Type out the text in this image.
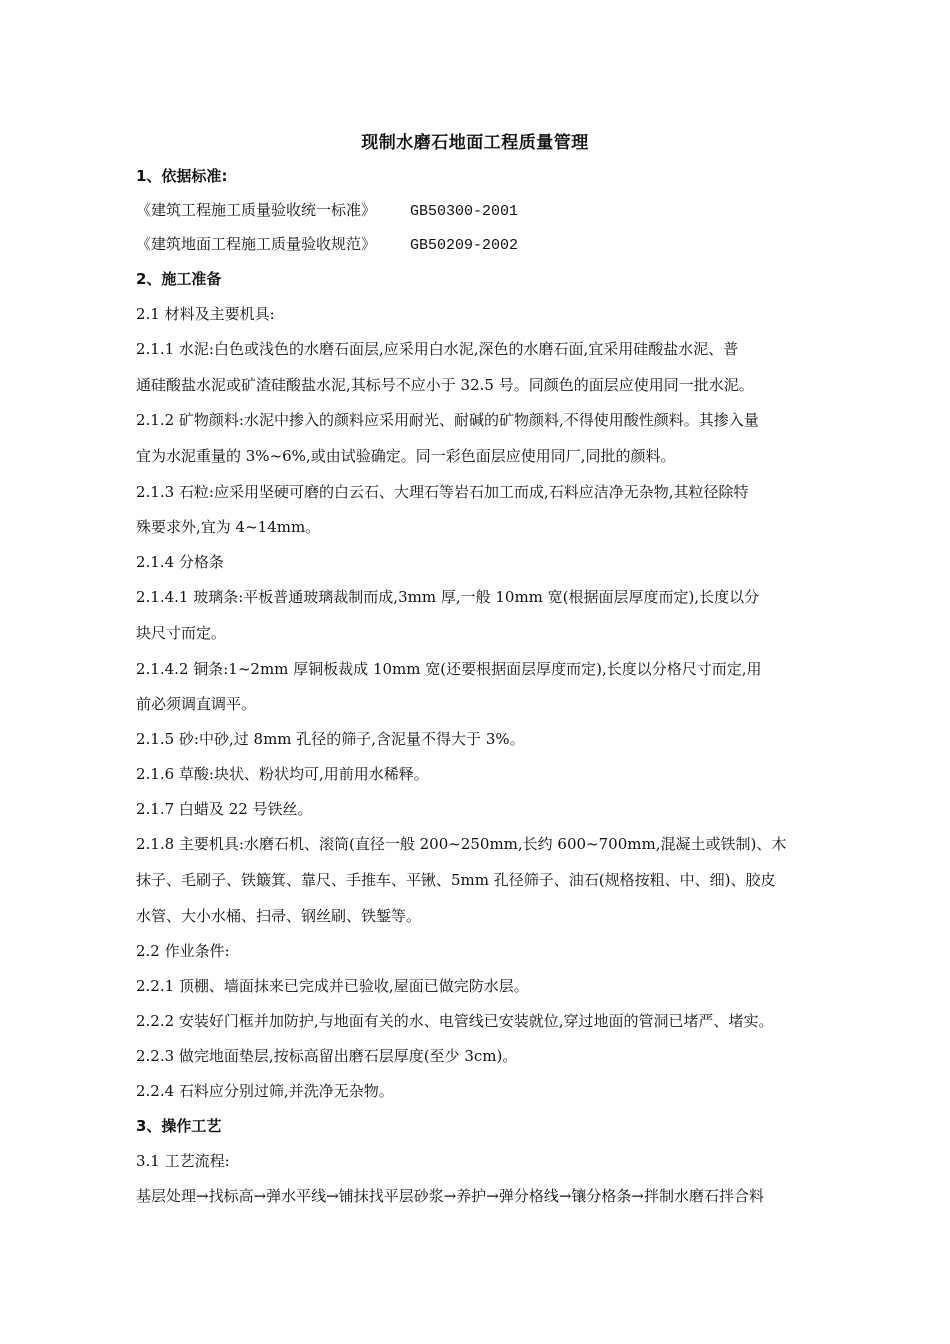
现制水磨石地面工程质量管理
1、依据标准:
《建筑工程施工质量验收统一标准》 GB50300-2001
《建筑地面工程施工质量验收规范》 GB50209-2002
2、施工准备
2.1 材料及主要机具:
2.1.1 水泥:白色或浅色的水磨石面层,应采用白水泥,深色的水磨石面,宜采用硅酸盐水泥、普
通硅酸盐水泥或矿渣硅酸盐水泥,其标号不应小于 32.5 号。同颜色的面层应使用同一批水泥。
2.1.2 矿物颜料:水泥中掺入的颜料应采用耐光、耐碱的矿物颜料,不得使用酸性颜料。其掺入量
宜为水泥重量的 3%~6%,或由试验确定。同一彩色面层应使用同厂,同批的颜料。
2.1.3 石粒:应采用坚硬可磨的白云石、大理石等岩石加工而成,石料应洁净无杂物,其粒径除特
殊要求外,宜为 4~14mm。
2.1.4 分格条
2.1.4.1 玻璃条:平板普通玻璃裁制而成,3mm 厚,一般 10mm 宽(根据面层厚度而定),长度以分
块尺寸而定。
2.1.4.2 铜条:1~2mm 厚铜板裁成 10mm 宽(还要根据面层厚度而定),长度以分格尺寸而定,用
前必须调直调平。
2.1.5 砂:中砂,过 8mm 孔径的筛子,含泥量不得大于 3%。
2.1.6 草酸:块状、粉状均可,用前用水稀释。
2.1.7 白蜡及 22 号铁丝。
2.1.8 主要机具:水磨石机、滚筒(直径一般 200~250mm,长约 600~700mm,混凝土或铁制)、木
抹子、毛刷子、铁簸箕、靠尺、手推车、平锹、5mm 孔径筛子、油石(规格按粗、中、细)、胶皮
水管、大小水桶、扫帚、钢丝刷、铁錾等。
2.2 作业条件:
2.2.1 顶棚、墙面抹来已完成并已验收,屋面已做完防水层。
2.2.2 安装好门框并加防护,与地面有关的水、电管线已安装就位,穿过地面的管洞已堵严、堵实。
2.2.3 做完地面垫层,按标高留出磨石层厚度(至少 3cm)。
2.2.4 石料应分别过筛,并洗净无杂物。
3、操作工艺
3.1 工艺流程:
基层处理→找标高→弹水平线→铺抹找平层砂浆→养护→弹分格线→镶分格条→拌制水磨石拌合料
